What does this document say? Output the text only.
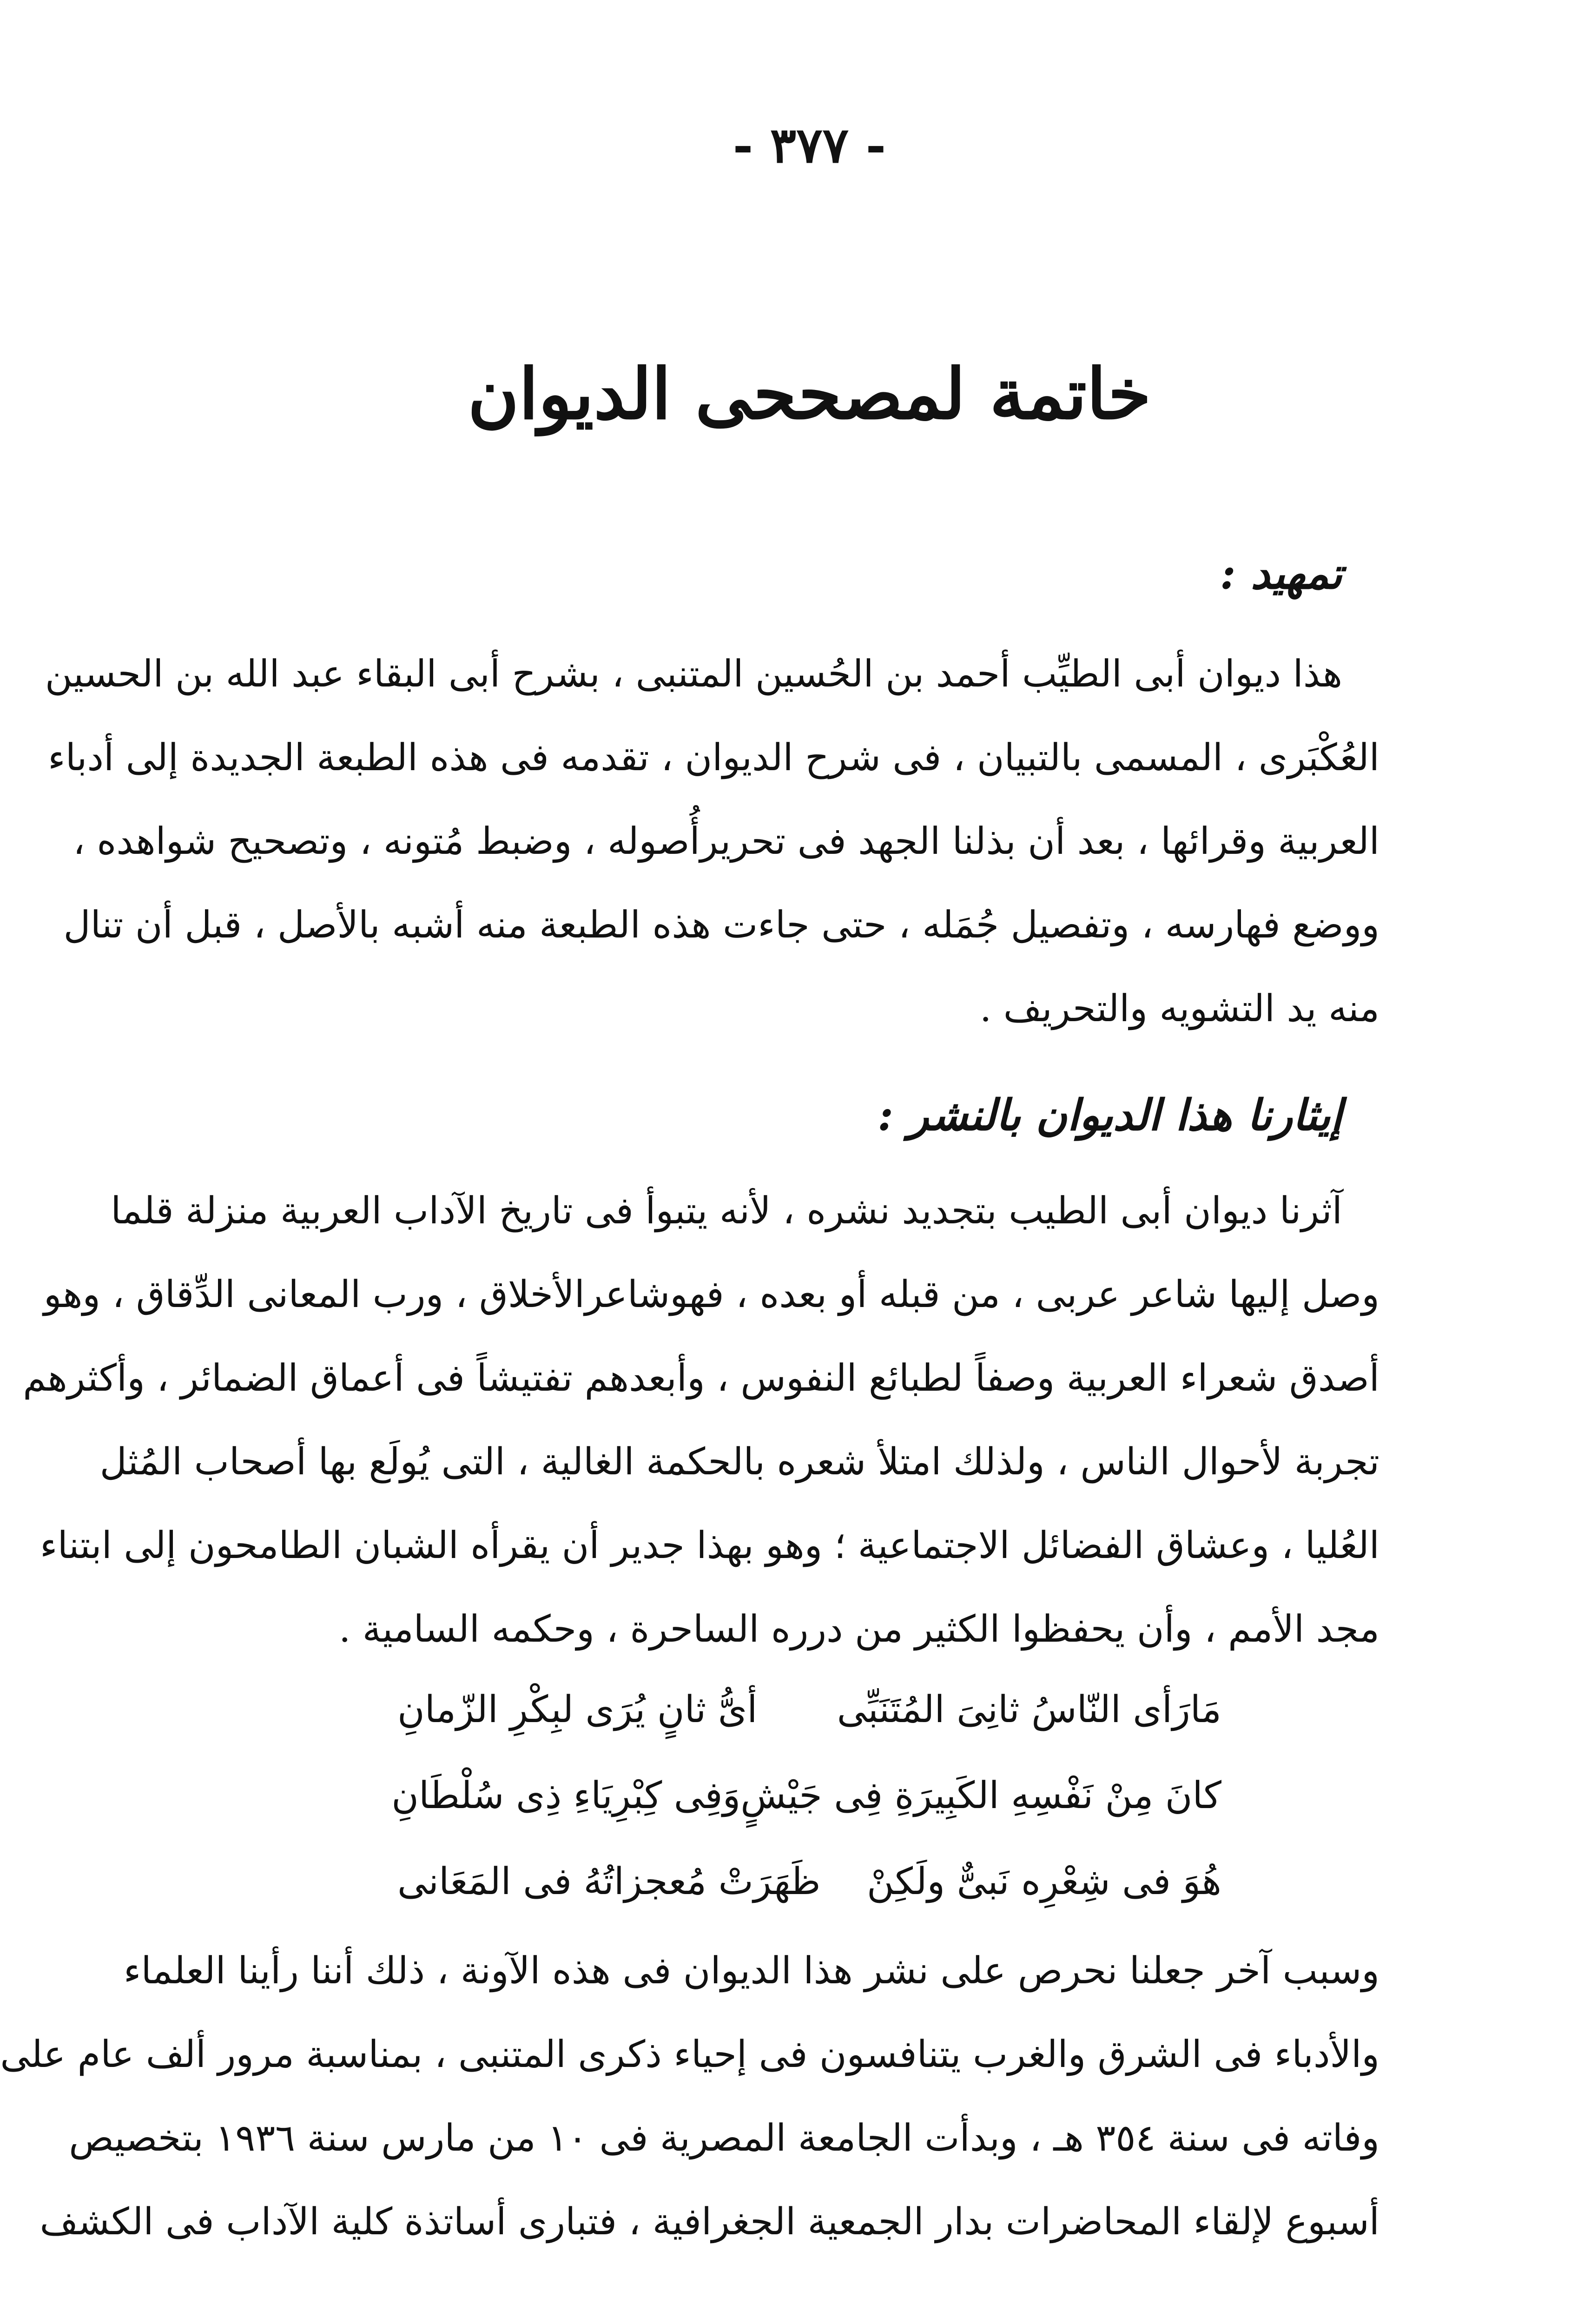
- ٣٧٧ -
خاتمة لمصححى الديوان
تمهيد :
هذا ديوان أبى الطيِّب أحمد بن الحُسين المتنبى ، بشرح أبى البقاء عبد الله بن الحسين
العُكْبَرى ، المسمى بالتبيان ، فى شرح الديوان ، تقدمه فى هذه الطبعة الجديدة إلى أدباء
العربية وقرائها ، بعد أن بذلنا الجهد فى تحريرأُصوله ، وضبط مُتونه ، وتصحيح شواهده ،
ووضع فهارسه ، وتفصيل جُمَله ، حتى جاءت هذه الطبعة منه أشبه بالأصل ، قبل أن تنال
منه يد التشويه والتحريف .
إيثارنا هذا الديوان بالنشر :
آثرنا ديوان أبى الطيب بتجديد نشره ، لأنه يتبوأ فى تاريخ الآداب العربية منزلة قلما
وصل إليها شاعر عربى ، من قبله أو بعده ، فهوشاعرالأخلاق ، ورب المعانى الدِّقاق ، وهو
أصدق شعراء العربية وصفاً لطبائع النفوس ، وأبعدهم تفتيشاً فى أعماق الضمائر ، وأكثرهم
تجربة لأحوال الناس ، ولذلك امتلأ شعره بالحكمة الغالية ، التى يُولَع بها أصحاب المُثل
العُليا ، وعشاق الفضائل الاجتماعية ؛ وهو بهذا جدير أن يقرأه الشبان الطامحون إلى ابتناء
مجد الأمم ، وأن يحفظوا الكثير من درره الساحرة ، وحكمه السامية .
مَارَأى النّاسُ ثانِىَ المُتَنَبِّى
أىُّ ثانٍ يُرَى لبِكْرِ الزّمانِ
كانَ مِنْ نَفْسِهِ الكَبِيرَةِ فِى جَيْشٍ
وَفِى كِبْرِيَاءِ ذِى سُلْطَانِ
هُوَ فى شِعْرِه نَبىٌّ ولَكِنْ
ظَهَرَتْ مُعجزاتُهُ فى المَعَانى
وسبب آخر جعلنا نحرص على نشر هذا الديوان فى هذه الآونة ، ذلك أننا رأينا العلماء
والأدباء فى الشرق والغرب يتنافسون فى إحياء ذكرى المتنبى ، بمناسبة مرور ألف عام على
وفاته فى سنة ٣٥٤ هـ ، وبدأت الجامعة المصرية فى ١٠ من مارس سنة ١٩٣٦ بتخصيص
أسبوع لإلقاء المحاضرات بدار الجمعية الجغرافية ، فتبارى أساتذة كلية الآداب فى الكشف
